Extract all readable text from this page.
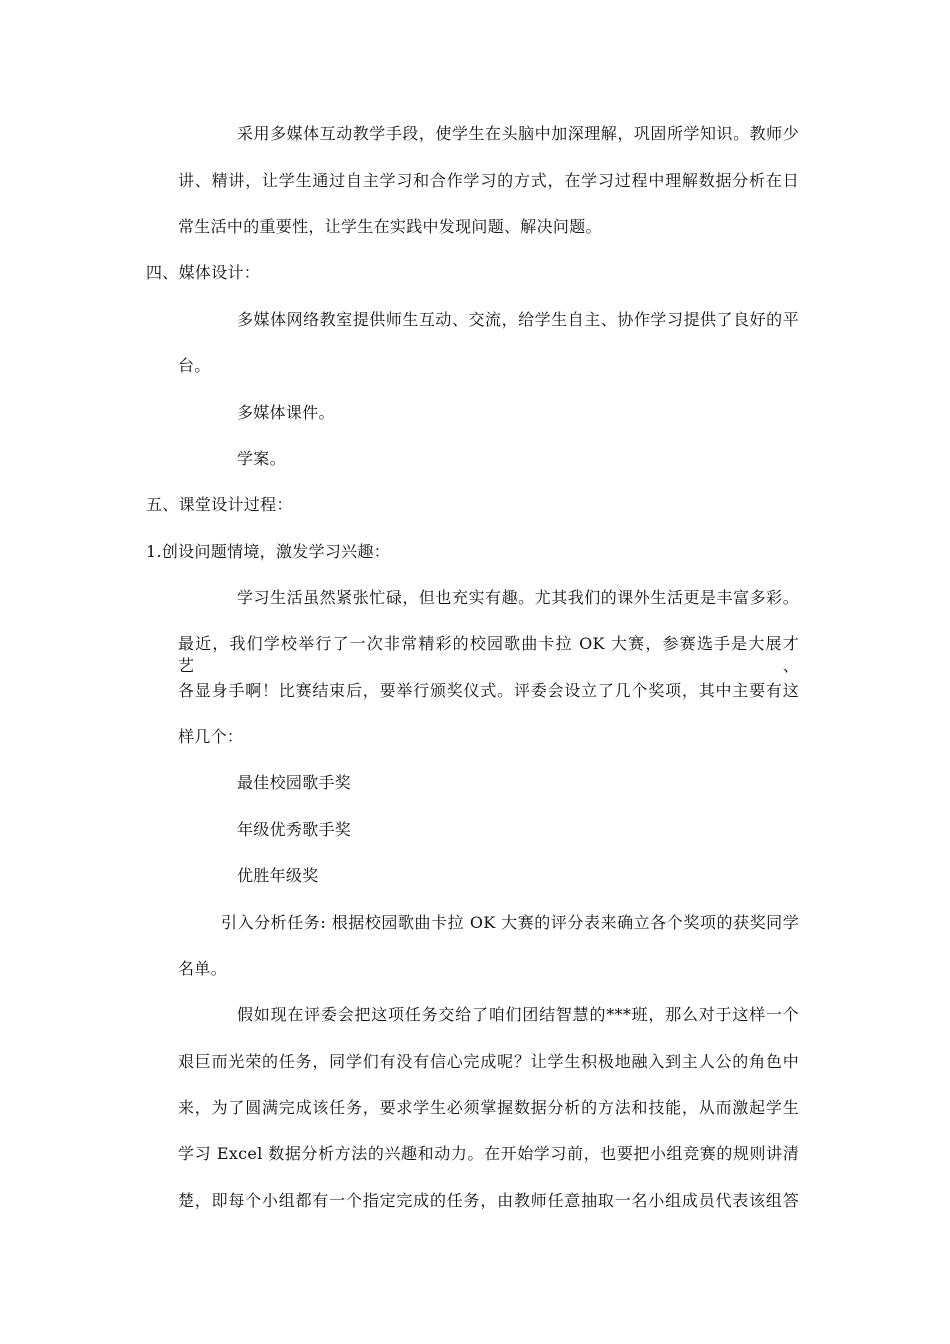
采用多媒体互动教学手段，使学生在头脑中加深理解，巩固所学知识。教师少
讲、精讲，让学生通过自主学习和合作学习的方式，在学习过程中理解数据分析在日
常生活中的重要性，让学生在实践中发现问题、解决问题。
四、媒体设计：
多媒体网络教室提供师生互动、交流，给学生自主、协作学习提供了良好的平
台。
多媒体课件。
学案。
五、课堂设计过程：
1.创设问题情境，激发学习兴趣：
学习生活虽然紧张忙碌，但也充实有趣。尤其我们的课外生活更是丰富多彩。
最近，我们学校举行了一次非常精彩的校园歌曲卡拉 OK 大赛，参赛选手是大展才艺、
各显身手啊！比赛结束后，要举行颁奖仪式。评委会设立了几个奖项，其中主要有这
样几个：
最佳校园歌手奖
年级优秀歌手奖
优胜年级奖
引入分析任务: 根据校园歌曲卡拉 OK 大赛的评分表来确立各个奖项的获奖同学
名单。
假如现在评委会把这项任务交给了咱们团结智慧的***班，那么对于这样一个
艰巨而光荣的任务，同学们有没有信心完成呢？让学生积极地融入到主人公的角色中
来，为了圆满完成该任务，要求学生必须掌握数据分析的方法和技能，从而激起学生
学习 Excel 数据分析方法的兴趣和动力。在开始学习前，也要把小组竞赛的规则讲清
楚，即每个小组都有一个指定完成的任务，由教师任意抽取一名小组成员代表该组答
